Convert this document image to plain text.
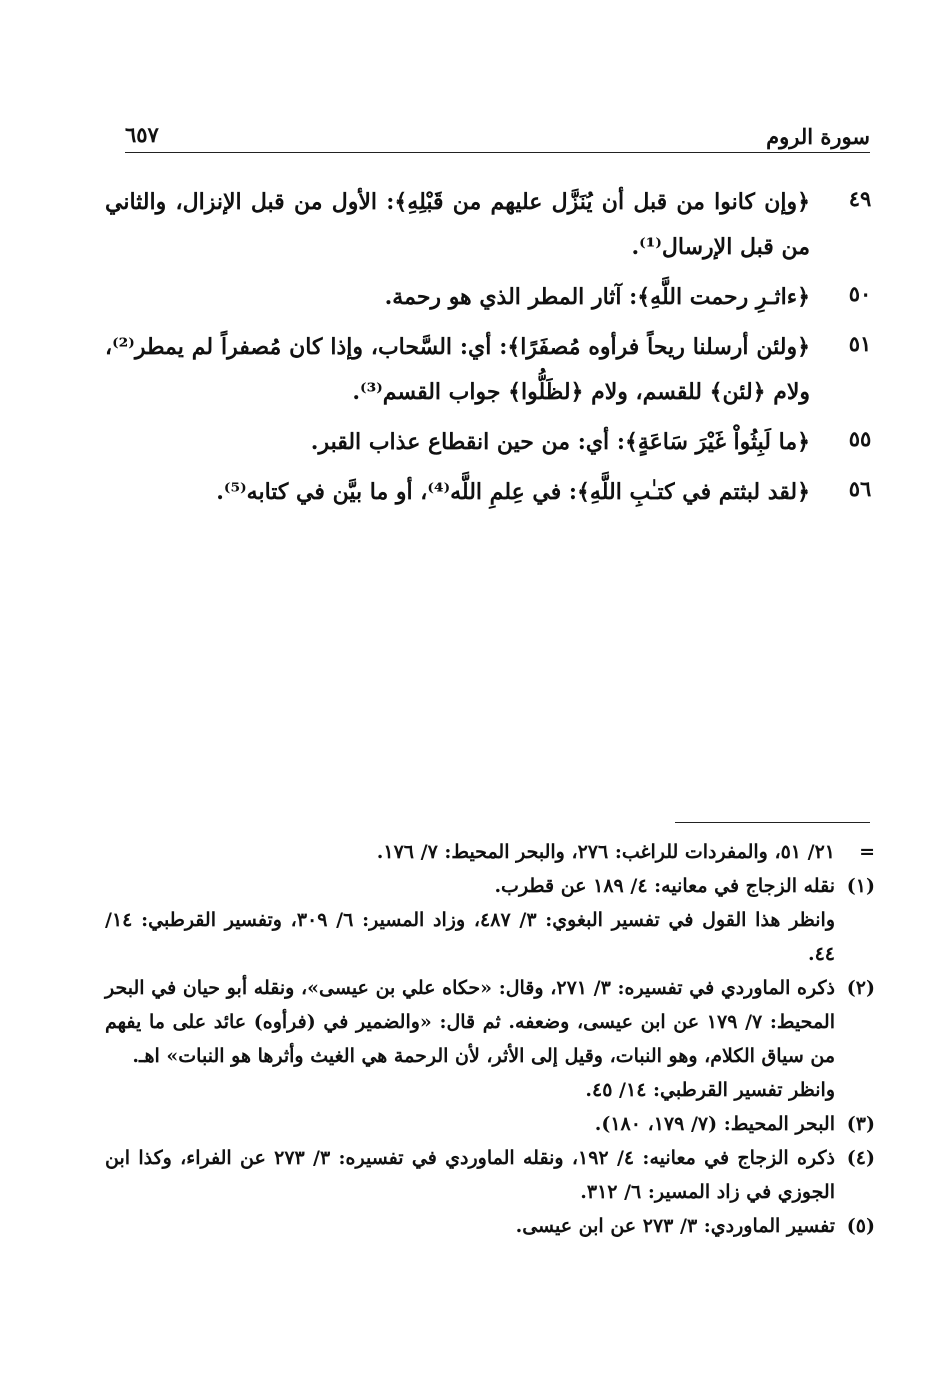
سورة الروم
٦٥٧
٤٩
﴿وإن كانوا من قبل أن يُنَزَّل عليهم من قَبْلِهِ﴾: الأول من قبل الإنزال، والثاني من قبل الإرسال⁽¹⁾.
٥٠
﴿ءاثـرِ رحمت اللَّهِ﴾: آثار المطر الذي هو رحمة.
٥١
﴿ولئن أرسلنا ريحاً فرأوه مُصفَرًا﴾: أي: السَّحاب، وإذا كان مُصفراً لم يمطر⁽²⁾، ولام ﴿لئن﴾ للقسم، ولام ﴿لظَلُّوا﴾ جواب القسم⁽³⁾.
٥٥
﴿ما لَبِثُواْ غَيْرَ سَاعَةٍ﴾: أي: من حين انقطاع عذاب القبر.
٥٦
﴿لقد لبثتم في كتـٰبِ اللَّهِ﴾: في عِلمِ اللَّه⁽⁴⁾، أو ما بيَّن في كتابه⁽⁵⁾.
=

٢١/ ٥١، والمفردات للراغب: ٢٧٦، والبحر المحيط: ٧/ ١٧٦.

(١)

نقله الزجاج في معانيه: ٤/ ١٨٩ عن قطرب.

وانظر هذا القول في تفسير البغوي: ٣/ ٤٨٧، وزاد المسير: ٦/ ٣٠٩، وتفسير القرطبي: ١٤/ ٤٤.

(٢)

ذكره الماوردي في تفسيره: ٣/ ٢٧١، وقال: «حكاه علي بن عيسى»، ونقله أبو حيان في البحر المحيط: ٧/ ١٧٩ عن ابن عيسى، وضعفه. ثم قال: «والضمير في (فرأوه) عائد على ما يفهم من سياق الكلام، وهو النبات، وقيل إلى الأثر، لأن الرحمة هي الغيث وأثرها هو النبات» اهـ.

وانظر تفسير القرطبي: ١٤/ ٤٥.

(٣)

البحر المحيط: (٧/ ١٧٩، ١٨٠).

(٤)

ذكره الزجاج في معانيه: ٤/ ١٩٢، ونقله الماوردي في تفسيره: ٣/ ٢٧٣ عن الفراء، وكذا ابن الجوزي في زاد المسير: ٦/ ٣١٢.

(٥)

تفسير الماوردي: ٣/ ٢٧٣ عن ابن عيسى.
